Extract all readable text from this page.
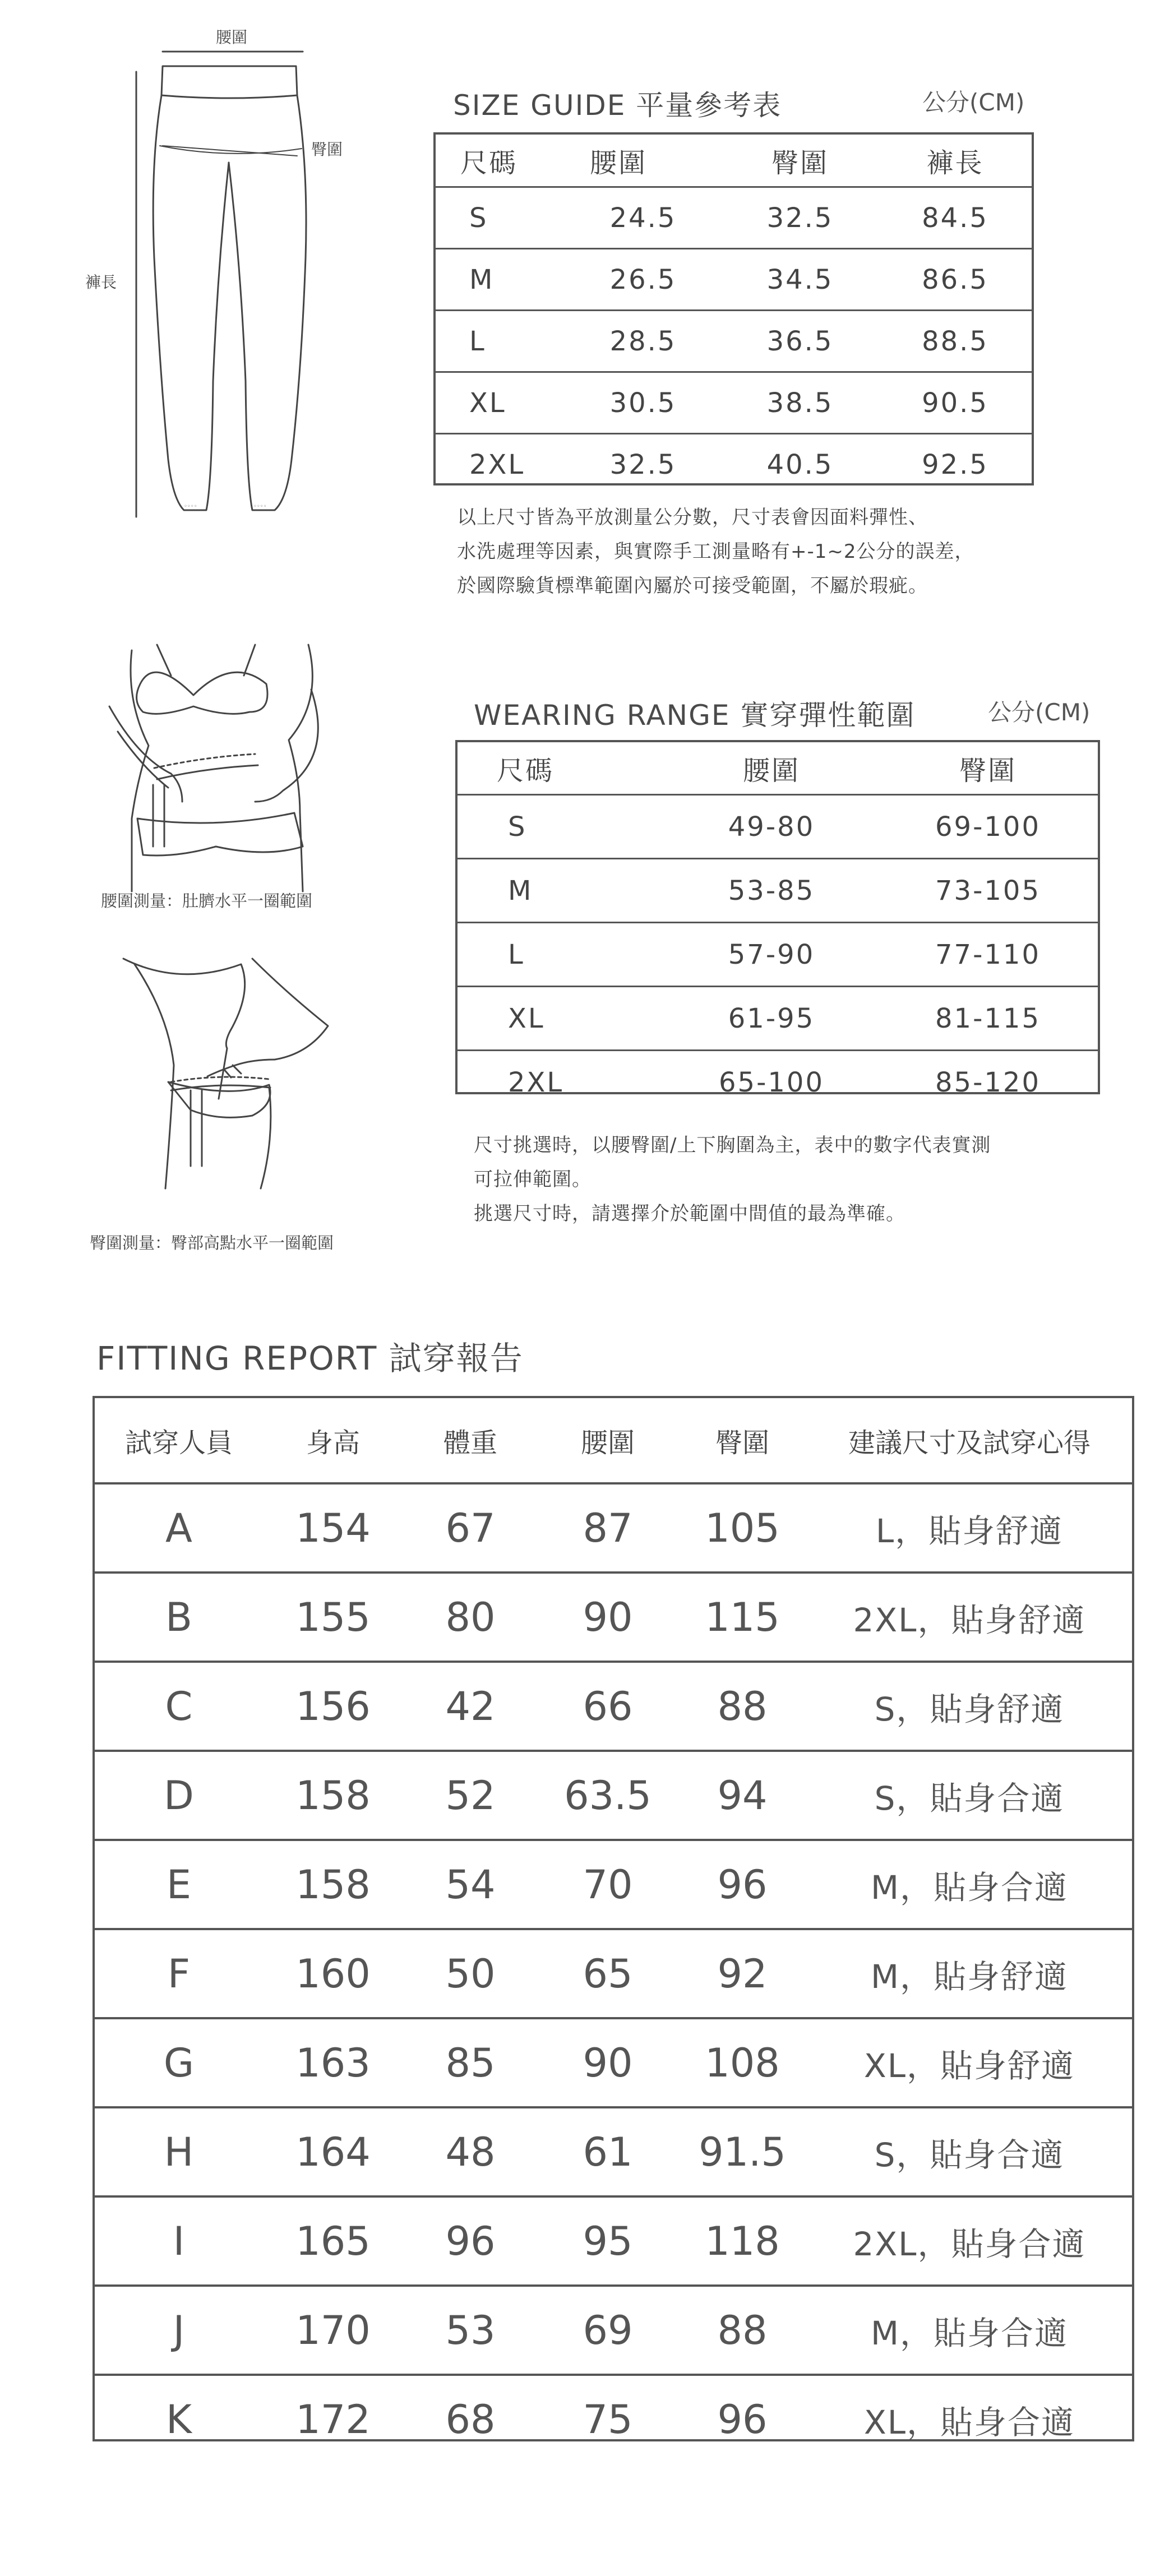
◦◦◦◦	◦◦◦◦
腰圍
臀圍
褲長
腰圍測量：肚臍水平一圈範圍
臀圍測量：臀部高點水平一圈範圍
SIZE GUIDE 平量參考表	公分(CM)
尺碼	腰圍	臀圍	褲長
S	24.5	32.5	84.5
M	26.5	34.5	86.5
L	28.5	36.5	88.5
XL	30.5	38.5	90.5
2XL	32.5	40.5	92.5
以上尺寸皆為平放測量公分數，尺寸表會因面料彈性、
水洗處理等因素，與實際手工測量略有+-1~2公分的誤差，
於國際驗貨標準範圍內屬於可接受範圍，不屬於瑕疵。
WEARING RANGE 實穿彈性範圍	公分(CM)
尺碼	腰圍	臀圍
S	49-80	69-100
M	53-85	73-105
L	57-90	77-110
XL	61-95	81-115
2XL	65-100	85-120
尺寸挑選時，以腰臀圍/上下胸圍為主，表中的數字代表實測
可拉伸範圍。
挑選尺寸時，請選擇介於範圍中間值的最為準確。
FITTING REPORT 試穿報告
試穿人員	身高	體重	腰圍	臀圍	建議尺寸及試穿心得
A	154	67	87	105	L，貼身舒適
B	155	80	90	115	2XL，貼身舒適
C	156	42	66	88	S，貼身舒適
D	158	52	63.5	94	S，貼身合適
E	158	54	70	96	M，貼身合適
F	160	50	65	92	M，貼身舒適
G	163	85	90	108	XL，貼身舒適
H	164	48	61	91.5	S，貼身合適
I	165	96	95	118	2XL，貼身合適
J	170	53	69	88	M，貼身合適
K	172	68	75	96	XL，貼身合適
